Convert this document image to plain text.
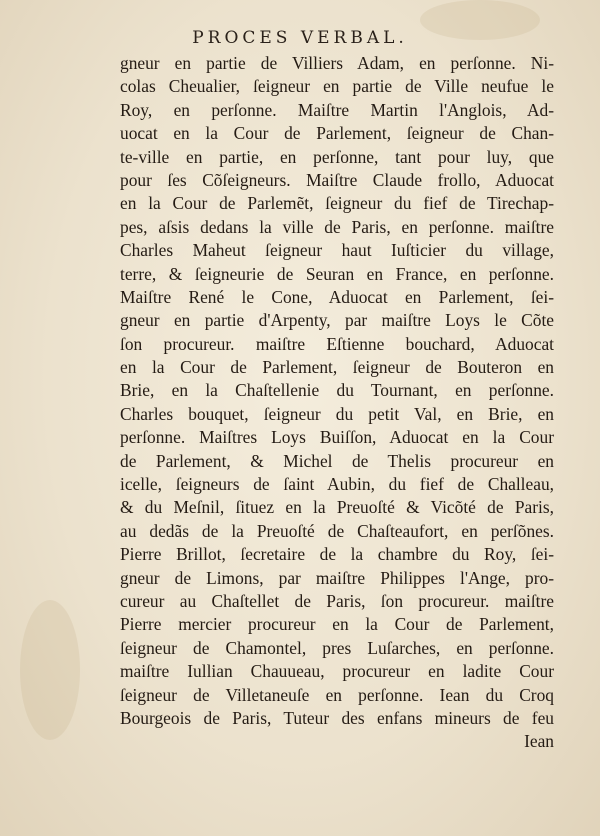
PROCES VERBAL.
gneur en partie de Villiers Adam, en perſonne. Ni-
colas Cheualier, ſeigneur en partie de Ville neufue le
Roy, en perſonne. Maiſtre Martin l'Anglois, Ad-
uocat en la Cour de Parlement, ſeigneur de Chan-
te-ville en partie, en perſonne, tant pour luy, que
pour ſes Cõſeigneurs. Maiſtre Claude frollo, Aduocat
en la Cour de Parlemẽt, ſeigneur du fief de Tirechap-
pes, aſsis dedans la ville de Paris, en perſonne. maiſtre
Charles Maheut ſeigneur haut Iuſticier du village,
terre, & ſeigneurie de Seuran en France, en perſonne.
Maiſtre René le Cone, Aduocat en Parlement, ſei-
gneur en partie d'Arpenty, par maiſtre Loys le Cõte
ſon procureur. maiſtre Eſtienne bouchard, Aduocat
en la Cour de Parlement, ſeigneur de Bouteron en
Brie, en la Chaſtellenie du Tournant, en perſonne.
Charles bouquet, ſeigneur du petit Val, en Brie, en
perſonne. Maiſtres Loys Buiſſon, Aduocat en la Cour
de Parlement, & Michel de Thelis procureur en
icelle, ſeigneurs de ſaint Aubin, du fief de Challeau,
& du Meſnil, ſituez en la Preuoſté & Vicõté de Paris,
au dedãs de la Preuoſté de Chaſteaufort, en perſõnes.
Pierre Brillot, ſecretaire de la chambre du Roy, ſei-
gneur de Limons, par maiſtre Philippes l'Ange, pro-
cureur au Chaſtellet de Paris, ſon procureur. maiſtre
Pierre mercier procureur en la Cour de Parlement,
ſeigneur de Chamontel, pres Luſarches, en perſonne.
maiſtre Iullian Chauueau, procureur en ladite Cour
ſeigneur de Villetaneuſe en perſonne. Iean du Croq
Bourgeois de Paris, Tuteur des enfans mineurs de feu
Iean
